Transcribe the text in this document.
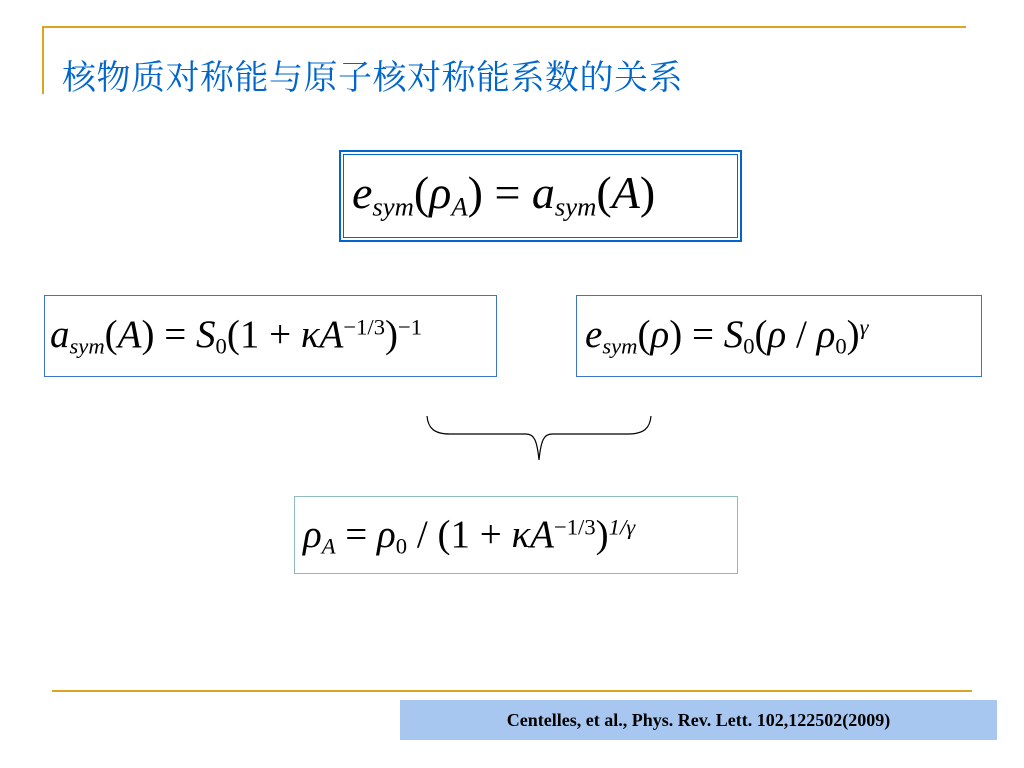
核物质对称能与原子核对称能系数的关系
$e_{sym}(\rho_A) = a_{sym}(A)$
$a_{sym}(A) = S_0(1 + \kappa A^{-1/3})^{-1}$	$e_{sym}(\rho) = S_0(\rho / \rho_0)^\gamma$
$\rho_A = \rho_0 / (1 + \kappa A^{-1/3})^{1/\gamma}$
Centelles, et al., Phys. Rev. Lett. 102,122502(2009)
